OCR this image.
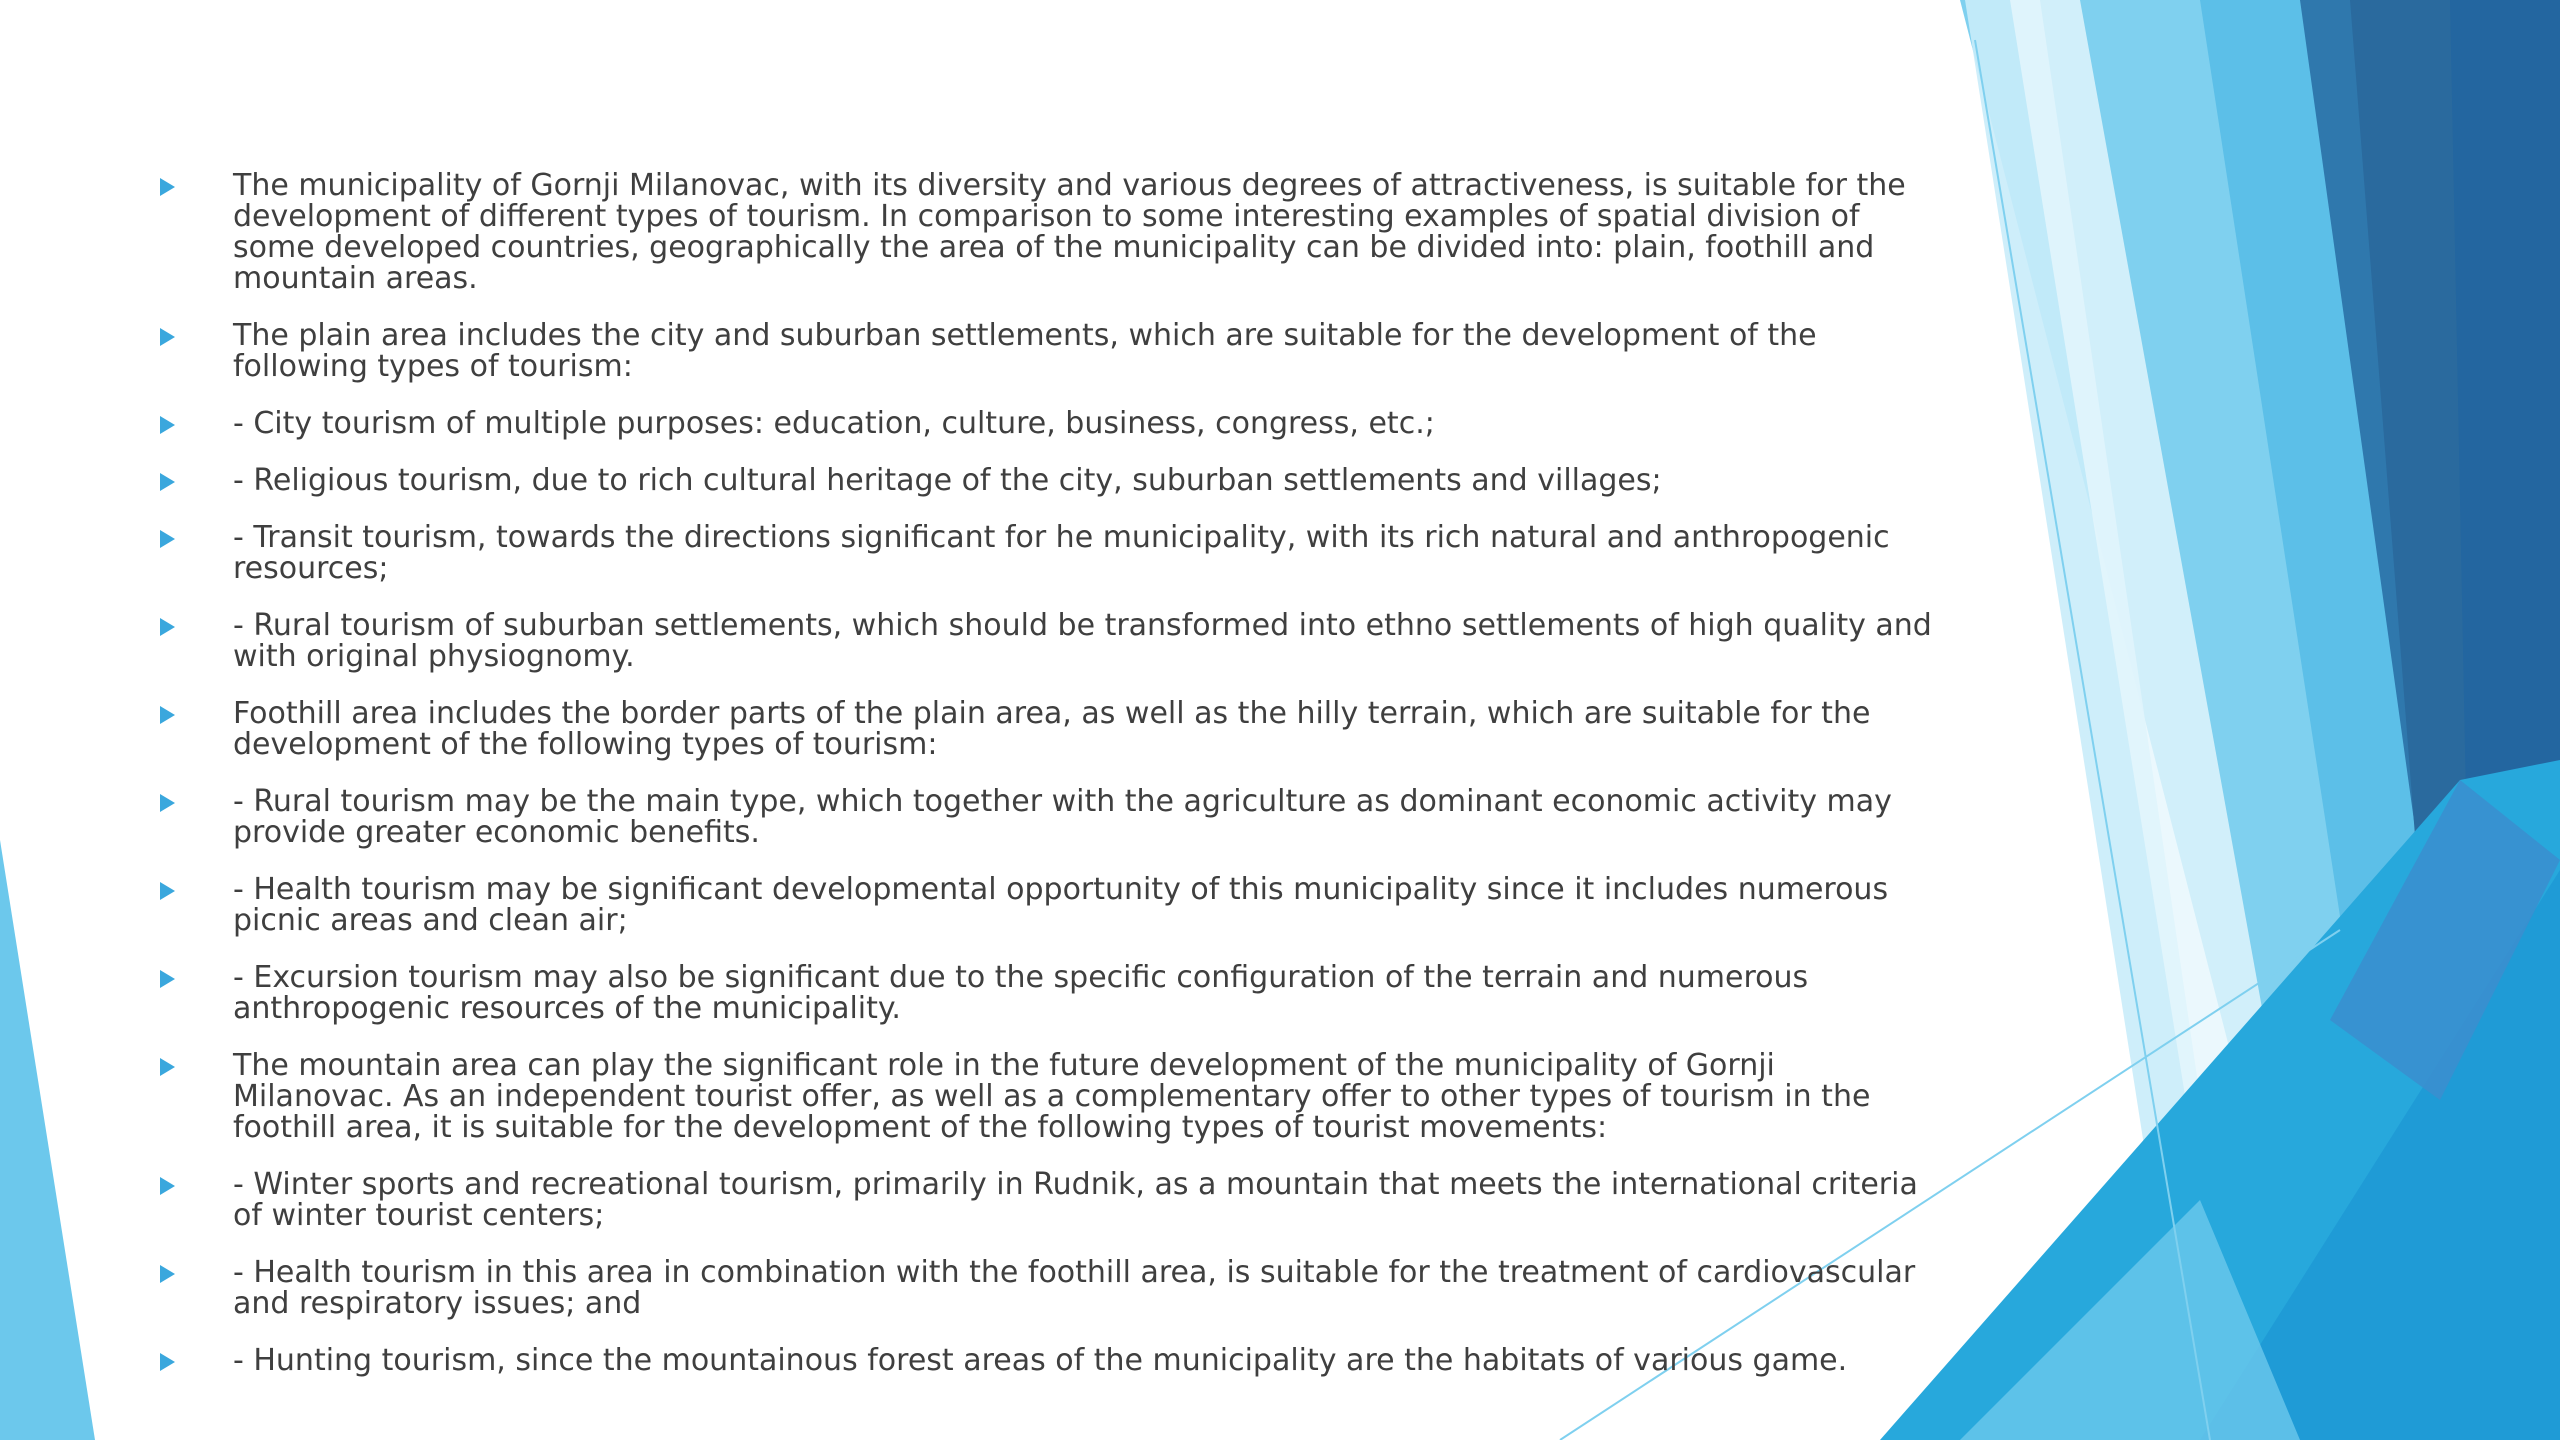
The municipality of Gornji Milanovac, with its diversity and various degrees of attractiveness, is suitable for the development of different types of tourism. In comparison to some interesting examples of spatial division of some developed countries, geographically the area of the municipality can be divided into: plain, foothill and mountain areas.
The plain area includes the city and suburban settlements, which are suitable for the development of the following types of tourism:
- City tourism of multiple purposes: education, culture, business, congress, etc.;
- Religious tourism, due to rich cultural heritage of the city, suburban settlements and villages;
- Transit tourism, towards the directions significant for he municipality, with its rich natural and anthropogenic resources;
- Rural tourism of suburban settlements, which should be transformed into ethno settlements of high quality and with original physiognomy.
Foothill area includes the border parts of the plain area, as well as the hilly terrain, which are suitable for the development of the following types of tourism:
- Rural tourism may be the main type, which together with the agriculture as dominant economic activity may provide greater economic benefits.
- Health tourism may be significant developmental opportunity of this municipality since it includes numerous picnic areas and clean air;
- Excursion tourism may also be significant due to the specific configuration of the terrain and numerous anthropogenic resources of the municipality.
The mountain area can play the significant role in the future development of the municipality of Gornji Milanovac. As an independent tourist offer, as well as a complementary offer to other types of tourism in the foothill area, it is suitable for the development of the following types of tourist movements:
- Winter sports and recreational tourism, primarily in Rudnik, as a mountain that meets the international criteria of winter tourist centers;
- Health tourism in this area in combination with the foothill area, is suitable for the treatment of cardiovascular and respiratory issues; and
- Hunting tourism, since the mountainous forest areas of the municipality are the habitats of various game.
